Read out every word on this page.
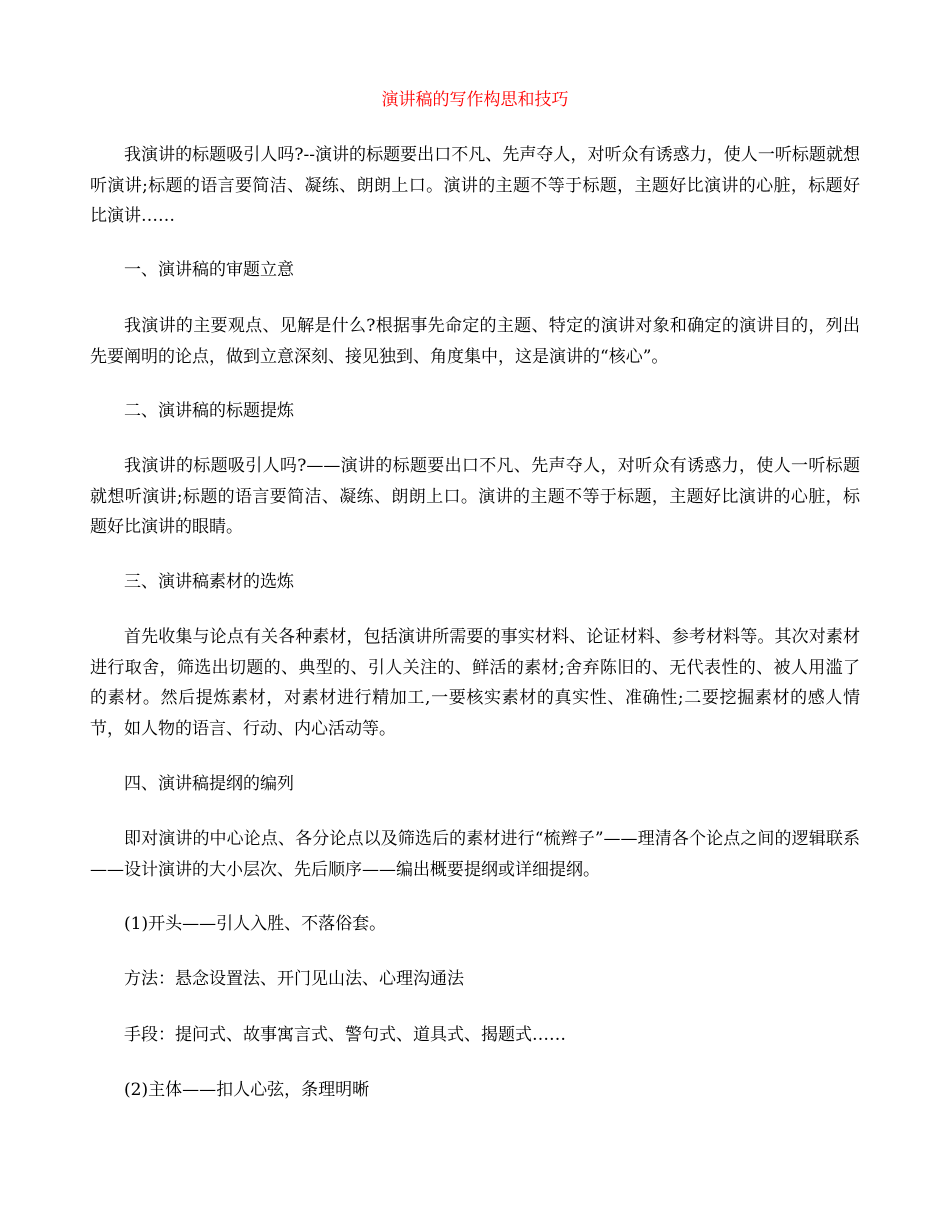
演讲稿的写作构思和技巧
我演讲的标题吸引人吗?--演讲的标题要出口不凡、先声夺人，对听众有诱惑力，使人一听标题就想听演讲;标题的语言要简洁、凝练、朗朗上口。演讲的主题不等于标题，主题好比演讲的心脏，标题好比演讲……
一、演讲稿的审题立意
我演讲的主要观点、见解是什么?根据事先命定的主题、特定的演讲对象和确定的演讲目的，列出先要阐明的论点，做到立意深刻、接见独到、角度集中，这是演讲的“核心”。
二、演讲稿的标题提炼
我演讲的标题吸引人吗?——演讲的标题要出口不凡、先声夺人，对听众有诱惑力，使人一听标题就想听演讲;标题的语言要简洁、凝练、朗朗上口。演讲的主题不等于标题，主题好比演讲的心脏，标题好比演讲的眼睛。
三、演讲稿素材的选炼
首先收集与论点有关各种素材，包括演讲所需要的事实材料、论证材料、参考材料等。其次对素材进行取舍，筛选出切题的、典型的、引人关注的、鲜活的素材;舍弃陈旧的、无代表性的、被人用滥了的素材。然后提炼素材，对素材进行精加工,一要核实素材的真实性、准确性;二要挖掘素材的感人情节，如人物的语言、行动、内心活动等。
四、演讲稿提纲的编列
即对演讲的中心论点、各分论点以及筛选后的素材进行“梳辫子”——理清各个论点之间的逻辑联系——设计演讲的大小层次、先后顺序——编出概要提纲或详细提纲。
(1)开头——引人入胜、不落俗套。
方法：悬念设置法、开门见山法、心理沟通法
手段：提问式、故事寓言式、警句式、道具式、揭题式……
(2)主体——扣人心弦，条理明晰
